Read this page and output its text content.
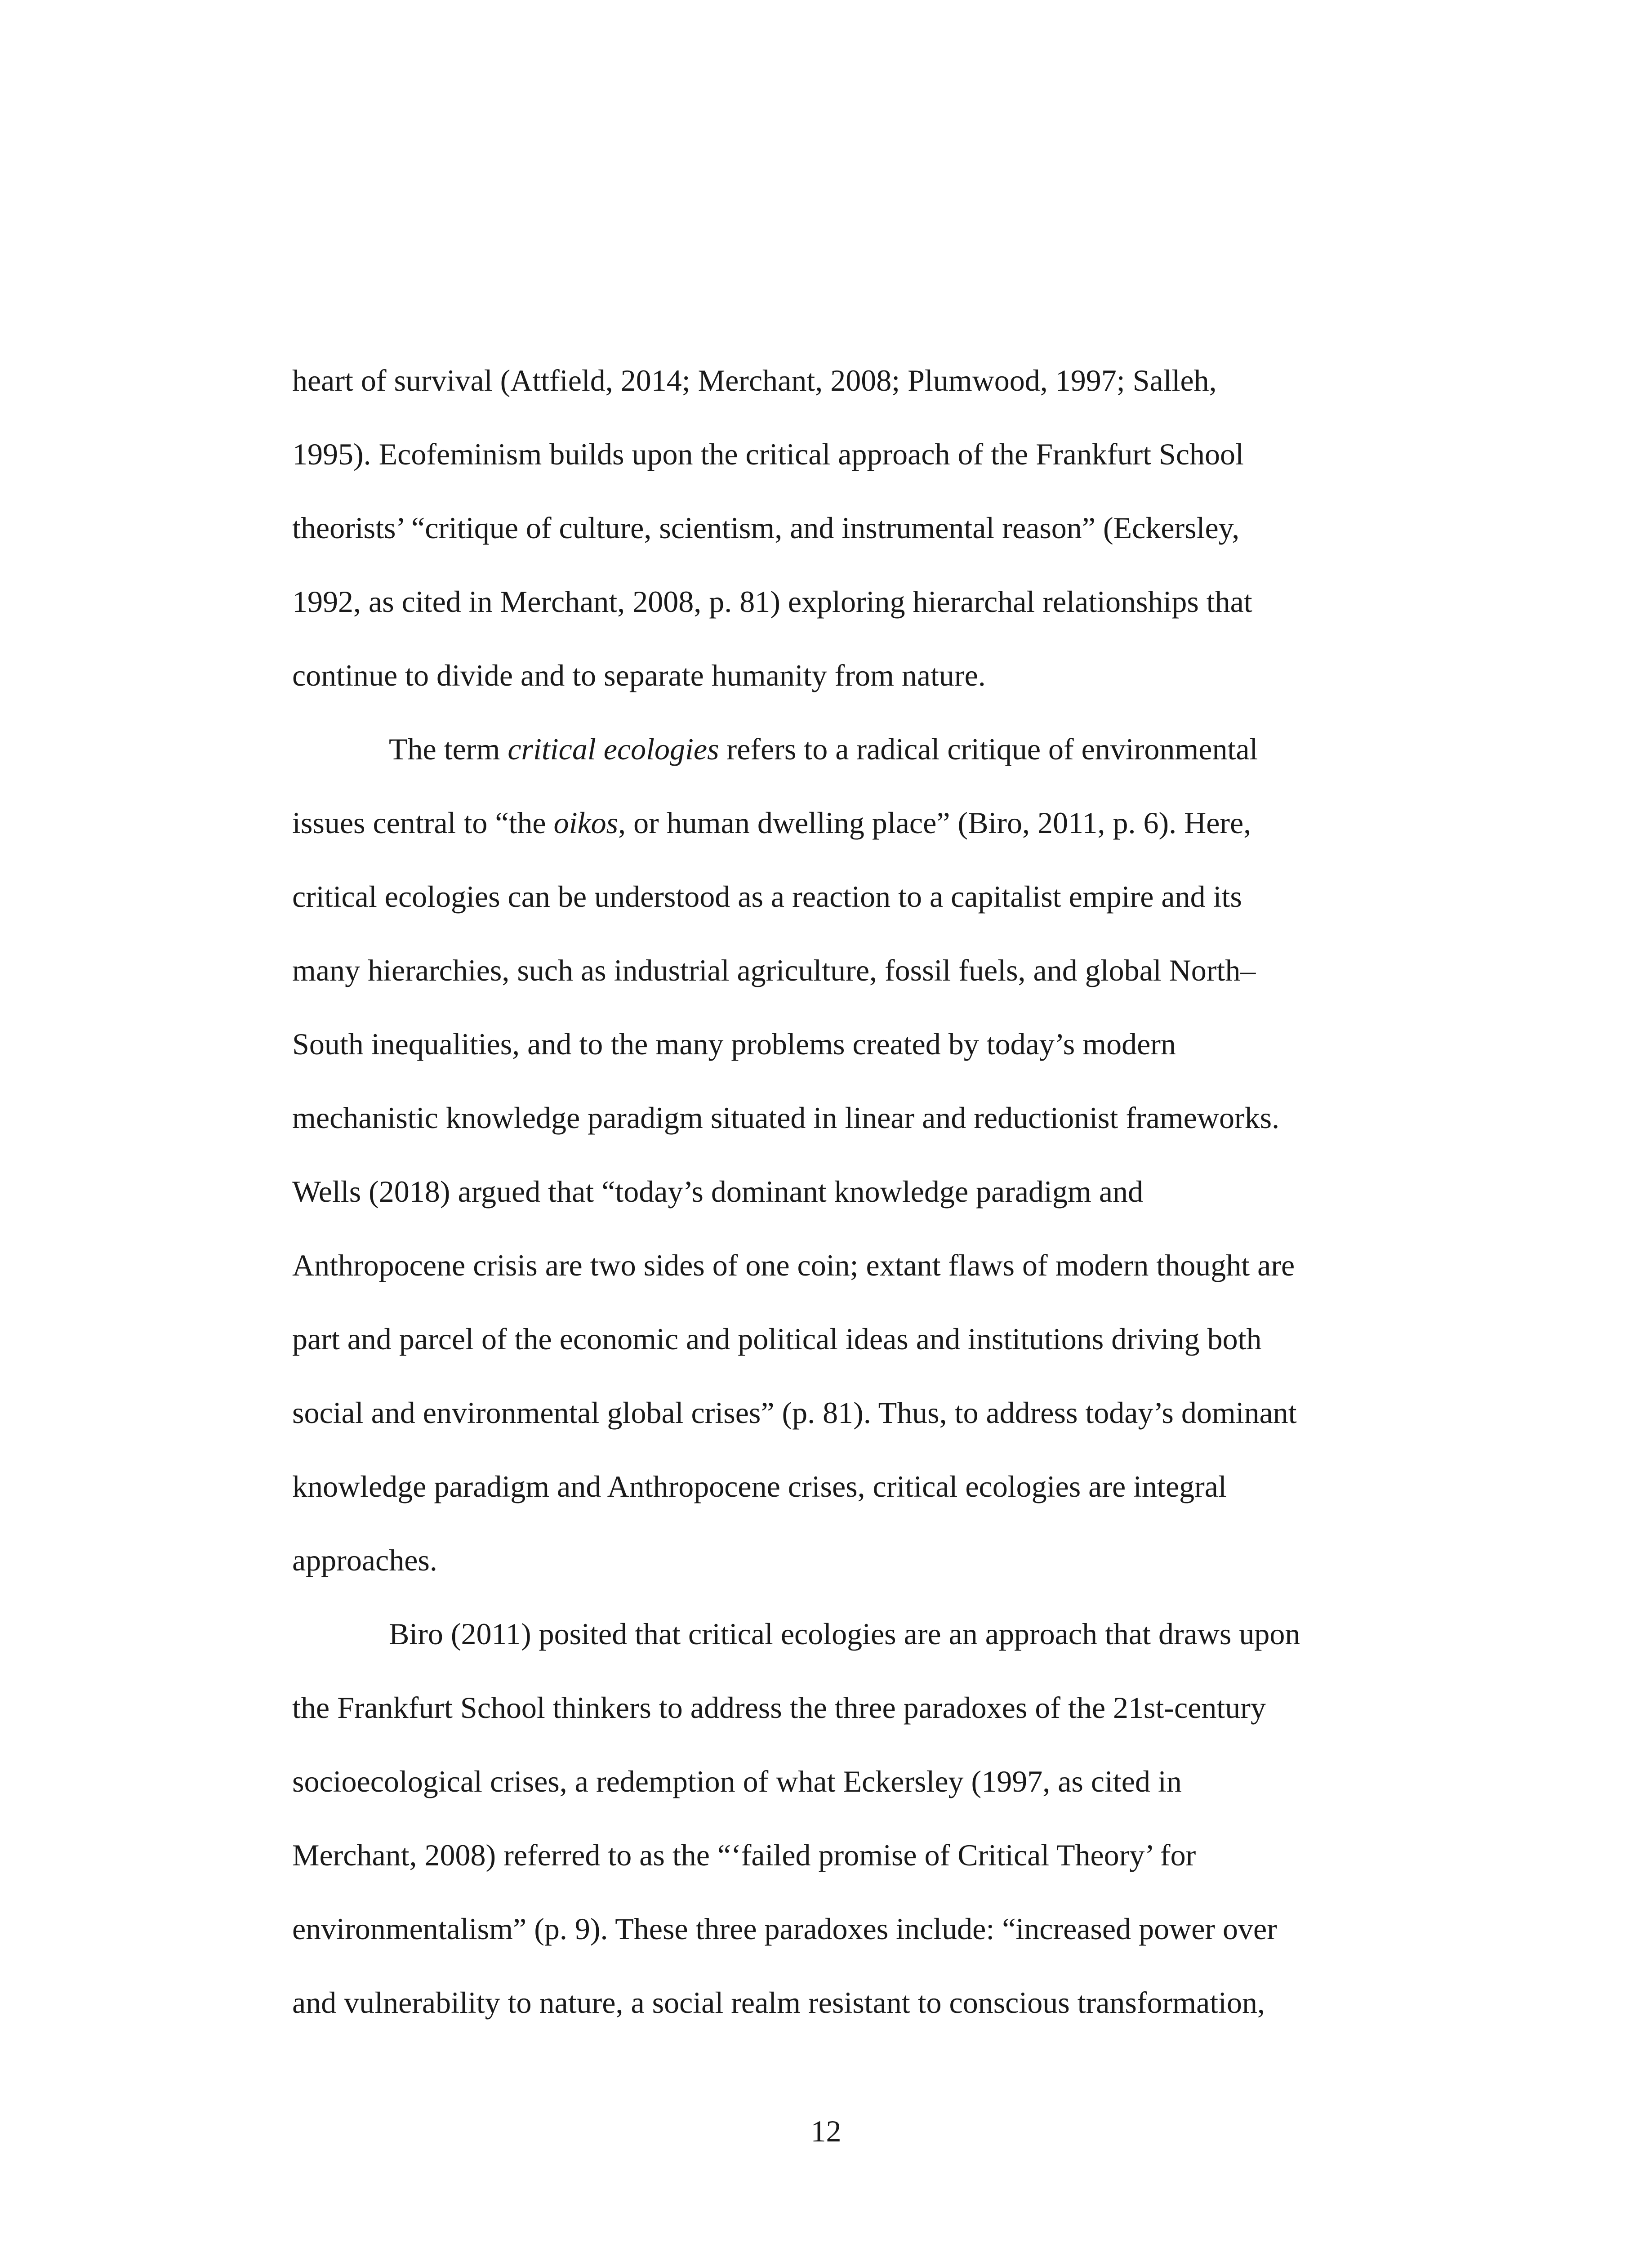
heart of survival (Attfield, 2014; Merchant, 2008; Plumwood, 1997; Salleh,

1995). Ecofeminism builds upon the critical approach of the Frankfurt School

theorists’ “critique of culture, scientism, and instrumental reason” (Eckersley,

1992, as cited in Merchant, 2008, p. 81) exploring hierarchal relationships that

continue to divide and to separate humanity from nature.

The term critical ecologies refers to a radical critique of environmental

issues central to “the oikos, or human dwelling place” (Biro, 2011, p. 6). Here,

critical ecologies can be understood as a reaction to a capitalist empire and its

many hierarchies, such as industrial agriculture, fossil fuels, and global North–

South inequalities, and to the many problems created by today’s modern

mechanistic knowledge paradigm situated in linear and reductionist frameworks.

Wells (2018) argued that “today’s dominant knowledge paradigm and

Anthropocene crisis are two sides of one coin; extant flaws of modern thought are

part and parcel of the economic and political ideas and institutions driving both

social and environmental global crises” (p. 81). Thus, to address today’s dominant

knowledge paradigm and Anthropocene crises, critical ecologies are integral

approaches.

Biro (2011) posited that critical ecologies are an approach that draws upon

the Frankfurt School thinkers to address the three paradoxes of the 21st-century

socioecological crises, a redemption of what Eckersley (1997, as cited in

Merchant, 2008) referred to as the “‘failed promise of Critical Theory’ for

environmentalism” (p. 9). These three paradoxes include: “increased power over

and vulnerability to nature, a social realm resistant to conscious transformation,

12
